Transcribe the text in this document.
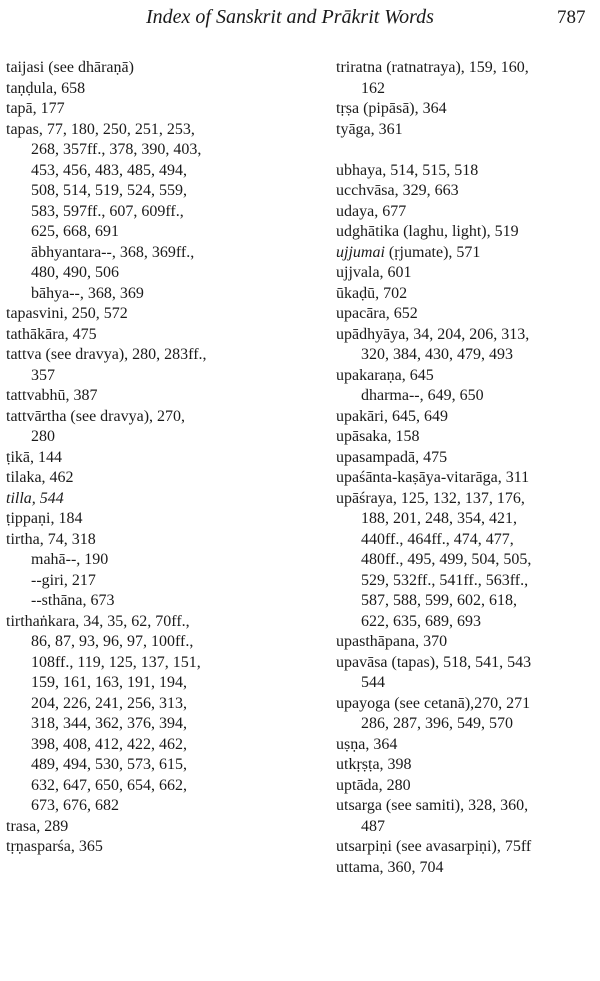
Index of Sanskrit and Prākrit Words	787
taijasi (see dhāraṇā)
taṇḍula, 658
tapā, 177
tapas, 77, 180, 250, 251, 253,
268, 357ff., 378, 390, 403,
453, 456, 483, 485, 494,
508, 514, 519, 524, 559,
583, 597ff., 607, 609ff.,
625, 668, 691
ābhyantara--, 368, 369ff.,
480, 490, 506
bāhya--, 368, 369
tapasvini, 250, 572
tathākāra, 475
tattva (see dravya), 280, 283ff.,
357
tattvabhū, 387
tattvārtha (see dravya), 270,
280
ṭikā, 144
tilaka, 462
tilla, 544
ṭippaṇi, 184
tirtha, 74, 318
mahā--, 190
--giri, 217
--sthāna, 673
tirthaṅkara, 34, 35, 62, 70ff.,
86, 87, 93, 96, 97, 100ff.,
108ff., 119, 125, 137, 151,
159, 161, 163, 191, 194,
204, 226, 241, 256, 313,
318, 344, 362, 376, 394,
398, 408, 412, 422, 462,
489, 494, 530, 573, 615,
632, 647, 650, 654, 662,
673, 676, 682
trasa, 289
tṛṇasparśa, 365
triratna (ratnatraya), 159, 160,
162
tṛṣa (pipāsā), 364
tyāga, 361
ubhaya, 514, 515, 518
ucchvāsa, 329, 663
udaya, 677
udghātika (laghu, light), 519
ujjumai (ṛjumate), 571
ujjvala, 601
ūkaḍū, 702
upacāra, 652
upādhyāya, 34, 204, 206, 313,
320, 384, 430, 479, 493
upakaraṇa, 645
dharma--, 649, 650
upakāri, 645, 649
upāsaka, 158
upasampadā, 475
upaśānta-kaṣāya-vitarāga, 311
upāśraya, 125, 132, 137, 176,
188, 201, 248, 354, 421,
440ff., 464ff., 474, 477,
480ff., 495, 499, 504, 505,
529, 532ff., 541ff., 563ff.,
587, 588, 599, 602, 618,
622, 635, 689, 693
upasthāpana, 370
upavāsa (tapas), 518, 541, 543
544
upayoga (see cetanā),270, 271
286, 287, 396, 549, 570
uṣṇa, 364
utkṛṣṭa, 398
uptāda, 280
utsarga (see samiti), 328, 360,
487
utsarpiṇi (see avasarpiṇi), 75ff
uttama, 360, 704
